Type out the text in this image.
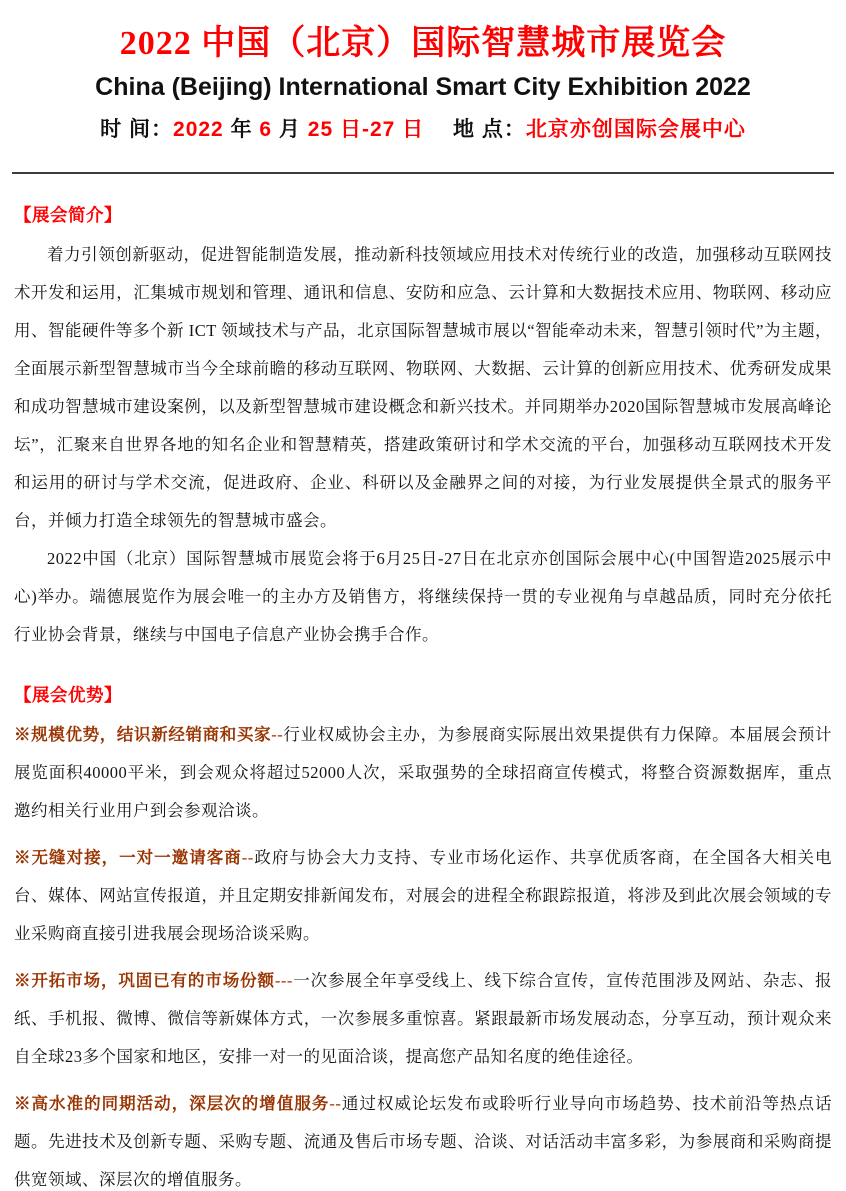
2022 中国（北京）国际智慧城市展览会
China (Beijing) International Smart City Exhibition 2022

时 间：2022 年 6 月 25 日-27 日　 地 点：北京亦创国际会展中心

【展会简介】

着力引领创新驱动，促进智能制造发展，推动新科技领域应用技术对传统行业的改造，加强移动互联网技术开发和运用，汇集城市规划和管理、通讯和信息、安防和应急、云计算和大数据技术应用、物联网、移动应用、智能硬件等多个新 ICT 领域技术与产品，北京国际智慧城市展以“智能牵动未来，智慧引领时代”为主题，全面展示新型智慧城市当今全球前瞻的移动互联网、物联网、大数据、云计算的创新应用技术、优秀研发成果和成功智慧城市建设案例，以及新型智慧城市建设概念和新兴技术。并同期举办2020国际智慧城市发展高峰论坛”，汇聚来自世界各地的知名企业和智慧精英，搭建政策研讨和学术交流的平台，加强移动互联网技术开发和运用的研讨与学术交流，促进政府、企业、科研以及金融界之间的对接，为行业发展提供全景式的服务平台，并倾力打造全球领先的智慧城市盛会。

2022中国（北京）国际智慧城市展览会将于6月25日-27日在北京亦创国际会展中心(中国智造2025展示中心)举办。端德展览作为展会唯一的主办方及销售方，将继续保持一贯的专业视角与卓越品质，同时充分依托行业协会背景，继续与中国电子信息产业协会携手合作。

【展会优势】

※规模优势，结识新经销商和买家--行业权威协会主办，为参展商实际展出效果提供有力保障。本届展会预计展览面积40000平米，到会观众将超过52000人次，采取强势的全球招商宣传模式，将整合资源数据库，重点邀约相关行业用户到会参观洽谈。

※无缝对接，一对一邀请客商--政府与协会大力支持、专业市场化运作、共享优质客商，在全国各大相关电台、媒体、网站宣传报道，并且定期安排新闻发布，对展会的进程全称跟踪报道，将涉及到此次展会领域的专业采购商直接引进我展会现场洽谈采购。

※开拓市场，巩固已有的市场份额---一次参展全年享受线上、线下综合宣传，宣传范围涉及网站、杂志、报纸、手机报、微博、微信等新媒体方式，一次参展多重惊喜。紧跟最新市场发展动态，分享互动，预计观众来自全球23多个国家和地区，安排一对一的见面洽谈，提高您产品知名度的绝佳途径。

※高水准的同期活动，深层次的增值服务--通过权威论坛发布或聆听行业导向市场趋势、技术前沿等热点话题。先进技术及创新专题、采购专题、流通及售后市场专题、洽谈、对话活动丰富多彩，为参展商和采购商提供宽领域、深层次的增值服务。
